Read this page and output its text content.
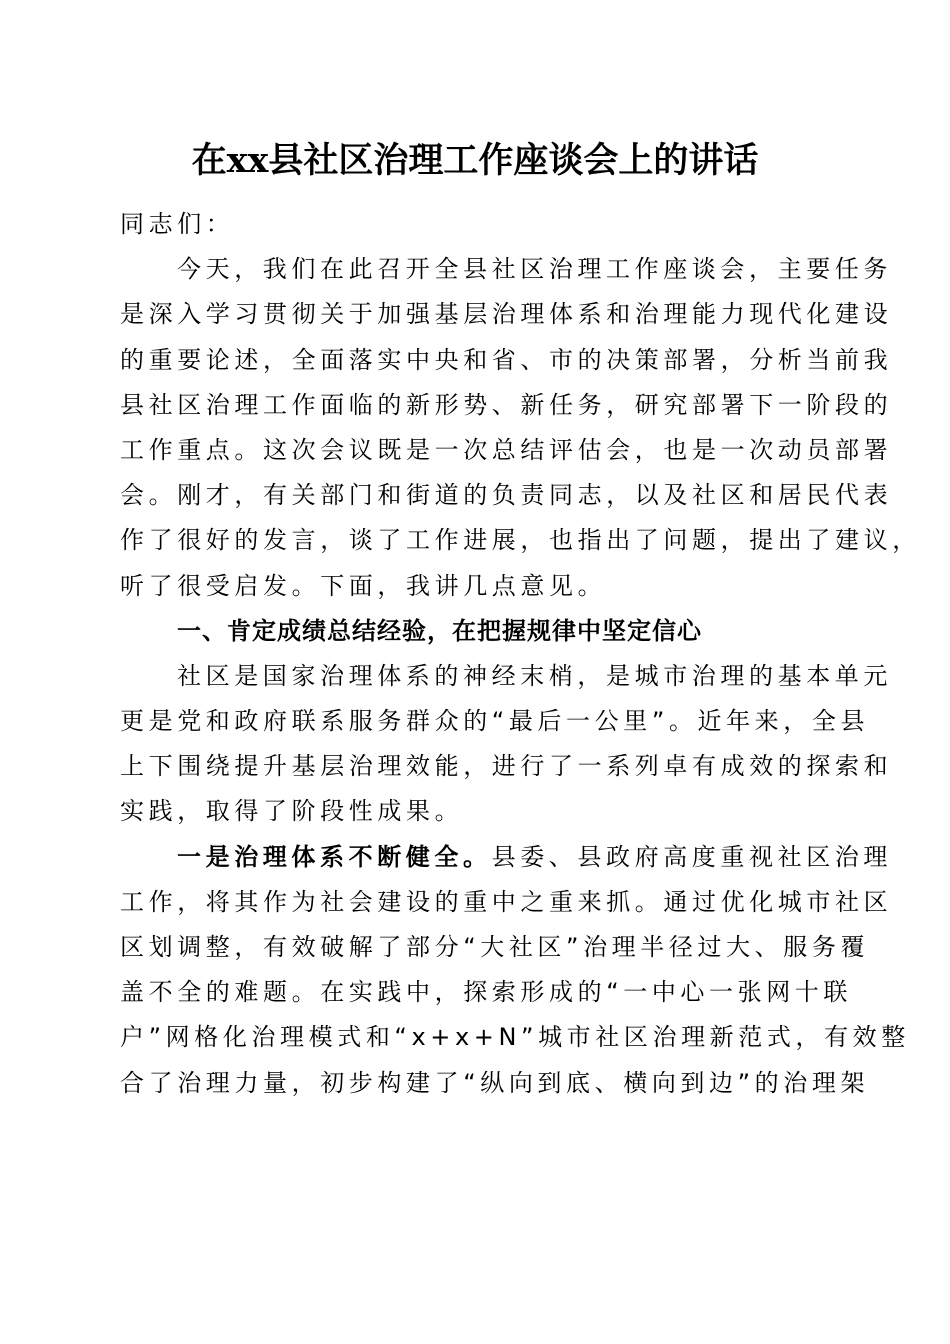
在xx县社区治理工作座谈会上的讲话
同志们：
今天，我们在此召开全县社区治理工作座谈会，主要任务
是深入学习贯彻关于加强基层治理体系和治理能力现代化建设
的重要论述，全面落实中央和省、市的决策部署，分析当前我
县社区治理工作面临的新形势、新任务，研究部署下一阶段的
工作重点。这次会议既是一次总结评估会，也是一次动员部署
会。刚才，有关部门和街道的负责同志，以及社区和居民代表
作了很好的发言，谈了工作进展，也指出了问题，提出了建议，
听了很受启发。下面，我讲几点意见。
一、肯定成绩总结经验，在把握规律中坚定信心
社区是国家治理体系的神经末梢，是城市治理的基本单元
更是党和政府联系服务群众的“最后一公里”。近年来，全县
上下围绕提升基层治理效能，进行了一系列卓有成效的探索和
实践，取得了阶段性成果。
一是治理体系不断健全。县委、县政府高度重视社区治理
工作，将其作为社会建设的重中之重来抓。通过优化城市社区
区划调整，有效破解了部分“大社区”治理半径过大、服务覆
盖不全的难题。在实践中，探索形成的“一中心一张网十联
户”网格化治理模式和“x+x+N”城市社区治理新范式，有效整
合了治理力量，初步构建了“纵向到底、横向到边”的治理架
